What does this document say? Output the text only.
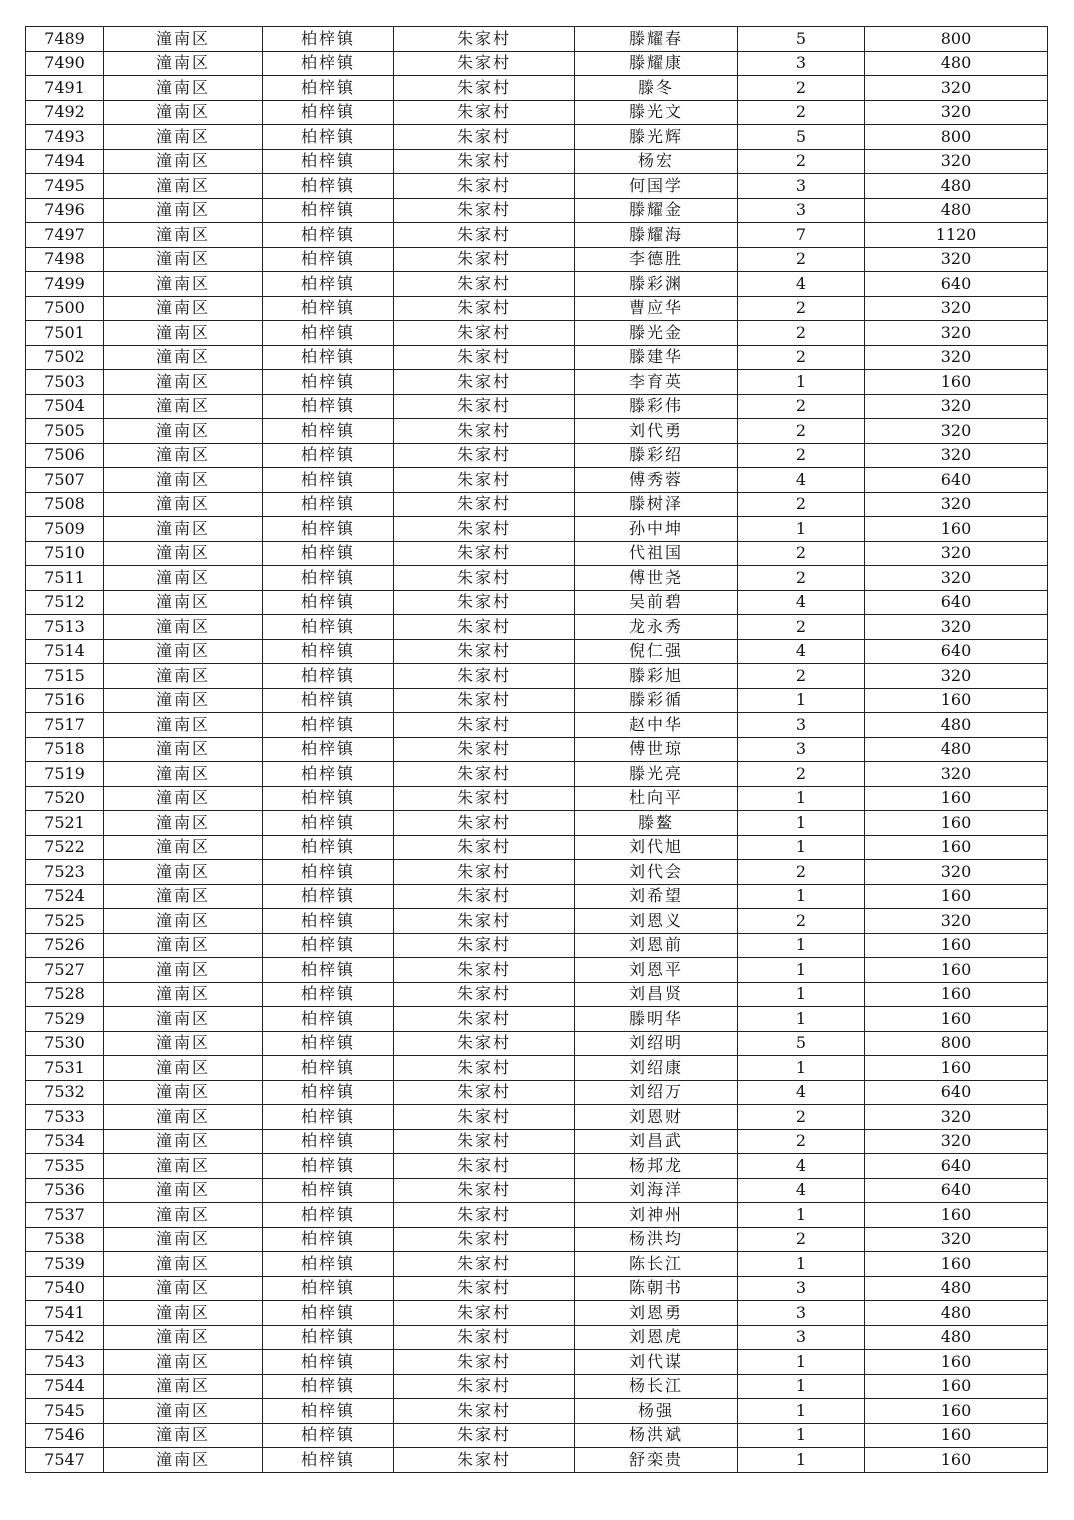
7489	潼南区	柏梓镇	朱家村	滕耀春	5	800
7490	潼南区	柏梓镇	朱家村	滕耀康	3	480
7491	潼南区	柏梓镇	朱家村	滕冬	2	320
7492	潼南区	柏梓镇	朱家村	滕光文	2	320
7493	潼南区	柏梓镇	朱家村	滕光辉	5	800
7494	潼南区	柏梓镇	朱家村	杨宏	2	320
7495	潼南区	柏梓镇	朱家村	何国学	3	480
7496	潼南区	柏梓镇	朱家村	滕耀金	3	480
7497	潼南区	柏梓镇	朱家村	滕耀海	7	1120
7498	潼南区	柏梓镇	朱家村	李德胜	2	320
7499	潼南区	柏梓镇	朱家村	滕彩渊	4	640
7500	潼南区	柏梓镇	朱家村	曹应华	2	320
7501	潼南区	柏梓镇	朱家村	滕光金	2	320
7502	潼南区	柏梓镇	朱家村	滕建华	2	320
7503	潼南区	柏梓镇	朱家村	李育英	1	160
7504	潼南区	柏梓镇	朱家村	滕彩伟	2	320
7505	潼南区	柏梓镇	朱家村	刘代勇	2	320
7506	潼南区	柏梓镇	朱家村	滕彩绍	2	320
7507	潼南区	柏梓镇	朱家村	傅秀蓉	4	640
7508	潼南区	柏梓镇	朱家村	滕树泽	2	320
7509	潼南区	柏梓镇	朱家村	孙中坤	1	160
7510	潼南区	柏梓镇	朱家村	代祖国	2	320
7511	潼南区	柏梓镇	朱家村	傅世尧	2	320
7512	潼南区	柏梓镇	朱家村	吴前碧	4	640
7513	潼南区	柏梓镇	朱家村	龙永秀	2	320
7514	潼南区	柏梓镇	朱家村	倪仁强	4	640
7515	潼南区	柏梓镇	朱家村	滕彩旭	2	320
7516	潼南区	柏梓镇	朱家村	滕彩循	1	160
7517	潼南区	柏梓镇	朱家村	赵中华	3	480
7518	潼南区	柏梓镇	朱家村	傅世琼	3	480
7519	潼南区	柏梓镇	朱家村	滕光亮	2	320
7520	潼南区	柏梓镇	朱家村	杜向平	1	160
7521	潼南区	柏梓镇	朱家村	滕鳌	1	160
7522	潼南区	柏梓镇	朱家村	刘代旭	1	160
7523	潼南区	柏梓镇	朱家村	刘代会	2	320
7524	潼南区	柏梓镇	朱家村	刘希望	1	160
7525	潼南区	柏梓镇	朱家村	刘恩义	2	320
7526	潼南区	柏梓镇	朱家村	刘恩前	1	160
7527	潼南区	柏梓镇	朱家村	刘恩平	1	160
7528	潼南区	柏梓镇	朱家村	刘昌贤	1	160
7529	潼南区	柏梓镇	朱家村	滕明华	1	160
7530	潼南区	柏梓镇	朱家村	刘绍明	5	800
7531	潼南区	柏梓镇	朱家村	刘绍康	1	160
7532	潼南区	柏梓镇	朱家村	刘绍万	4	640
7533	潼南区	柏梓镇	朱家村	刘恩财	2	320
7534	潼南区	柏梓镇	朱家村	刘昌武	2	320
7535	潼南区	柏梓镇	朱家村	杨邦龙	4	640
7536	潼南区	柏梓镇	朱家村	刘海洋	4	640
7537	潼南区	柏梓镇	朱家村	刘神州	1	160
7538	潼南区	柏梓镇	朱家村	杨洪均	2	320
7539	潼南区	柏梓镇	朱家村	陈长江	1	160
7540	潼南区	柏梓镇	朱家村	陈朝书	3	480
7541	潼南区	柏梓镇	朱家村	刘恩勇	3	480
7542	潼南区	柏梓镇	朱家村	刘恩虎	3	480
7543	潼南区	柏梓镇	朱家村	刘代谋	1	160
7544	潼南区	柏梓镇	朱家村	杨长江	1	160
7545	潼南区	柏梓镇	朱家村	杨强	1	160
7546	潼南区	柏梓镇	朱家村	杨洪斌	1	160
7547	潼南区	柏梓镇	朱家村	舒栾贵	1	160
